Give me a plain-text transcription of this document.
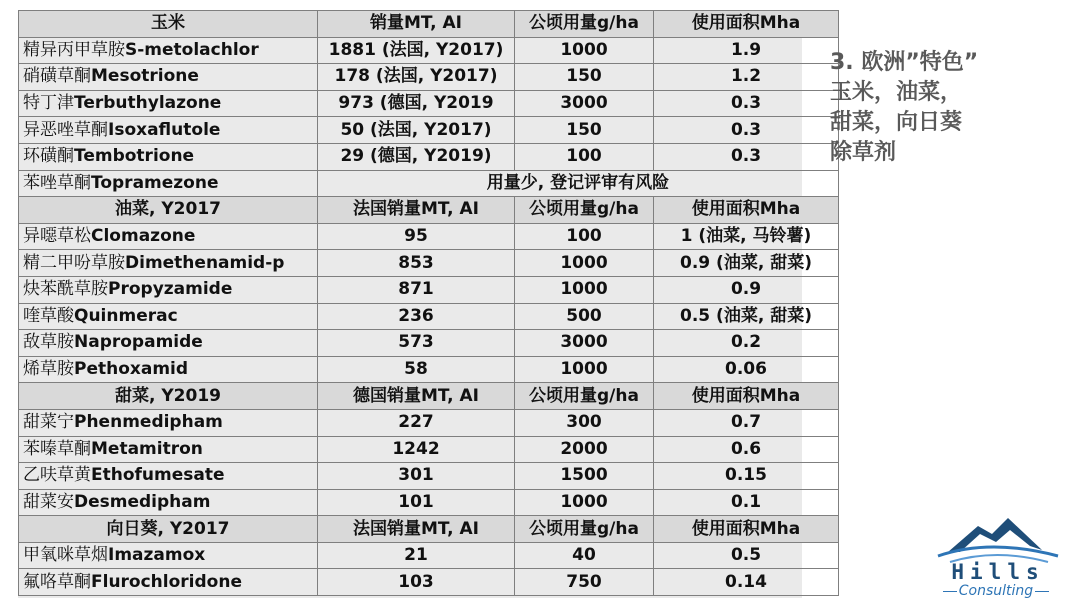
玉米	销量MT, AI	公顷用量g/ha	使用面积Mha
精异丙甲草胺S-metolachlor	1881 (法国, Y2017)	1000	1.9
硝磺草酮Mesotrione	178 (法国, Y2017)	150	1.2
特丁津Terbuthylazone	973 (德国, Y2019	3000	0.3
异恶唑草酮Isoxaflutole	50 (法国, Y2017)	150	0.3
环磺酮Tembotrione	29 (德国, Y2019)	100	0.3
苯唑草酮Topramezone	用量少, 登记评审有风险		
油菜, Y2017	法国销量MT, AI	公顷用量g/ha	使用面积Mha
异噁草松Clomazone	95	100	1 (油菜, 马铃薯)
精二甲吩草胺Dimethenamid-p	853	1000	0.9 (油菜, 甜菜)
炔苯酰草胺Propyzamide	871	1000	0.9
喹草酸Quinmerac	236	500	0.5 (油菜, 甜菜)
敌草胺Napropamide	573	3000	0.2
烯草胺Pethoxamid	58	1000	0.06
甜菜, Y2019	德国销量MT, AI	公顷用量g/ha	使用面积Mha
甜菜宁Phenmedipham	227	300	0.7
苯嗪草酮Metamitron	1242	2000	0.6
乙呋草黄Ethofumesate	301	1500	0.15
甜菜安Desmedipham	101	1000	0.1
向日葵, Y2017	法国销量MT, AI	公顷用量g/ha	使用面积Mha
甲氧咪草烟Imazamox	21	40	0.5
氟咯草酮Flurochloridone	103	750	0.14
3. 欧洲”特色”
玉米，油菜，
甜菜，向日葵
除草剂
Hills
Consulting
